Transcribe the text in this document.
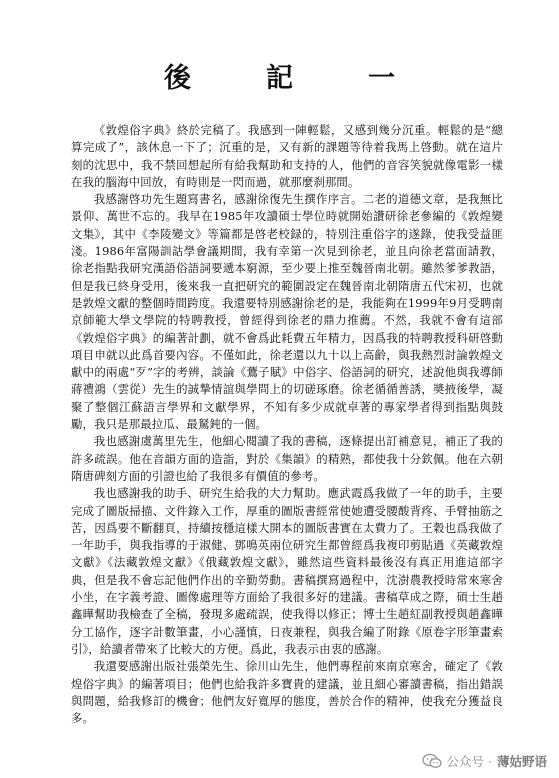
後　記　一

《敦煌俗字典》終於完稿了。我感到一陣輕鬆，又感到幾分沉重。輕鬆的是“總算完成了”，該休息一下了；沉重的是，又有新的課題等待着我馬上啓動。就在這片刻的沈思中，我不禁回想起所有給我幫助和支持的人，他們的音容笑貌就像電影一樣在我的腦海中回放，有時則是一閃而過，就那麼刹那間。

我感謝啓功先生題寫書名，感謝徐復先生撰作序言。二老的道德文章，是我無比景仰、萬世不忘的。我早在1985年攻讀碩士學位時就開始讚研徐老參編的《敦煌變文集》，其中《李陵變文》等篇都是啓老校録的，特別注重俗字的遂錄，使我受益匪淺。1986年富陽訓詁學會議期間，我有幸第一次見到徐老，並且向徐老當面請教，徐老指點我研究漢語俗語詞要遞本窮源，至少要上推至魏晉南北朝。雖然爹爹教語，但是我已終身受用，後來我一直把研究的範圍設定在魏晉南北朝隋唐五代宋初，也就是敦煌文獻的整個時間跨度。我還要特別感謝徐老的是，我能夠在1999年9月受聘南京師範大學文學院的特聘教授，曾經得到徐老的鼎力推薦。不然，我就不會有這部《敦煌俗字典》的編著計劃，就不會爲此耗費五年精力，因爲我的特聘教授科研啓動項目申就以此爲首要內容。不僅如此，徐老還以九十以上高齡，與我熱烈討論敦煌文獻中的兩處“歹”字的考辨，談論《鷰子賦》中俗字、俗語詞的研究，述說他與我導師蔣禮鴻（雲從）先生的誠摯情誼與學問上的切磋琢磨。徐老循循善誘，奬掖後學，凝聚了整個江蘇語言學界和文獻學界，不知有多少成就卓著的專家學者得到指點與鼓勵，我只是那最拉瓜、最駑鈍的一個。

我也感謝虞萬里先生，他細心閱讀了我的書稿，逐條提出訂補意見，補正了我的許多疏誤。他在音韻方面的造詣，對於《集韻》的精熟，都使我十分欽佩。他在六朝隋唐碑刻方面的引證也給了我很多有價值的參考。

我也感謝我的助手、研究生給我的大力幫助。應武霞爲我做了一年的助手，主要完成了圖版掃描、文件錄入工作，厚重的圖版書經常使她遭受腰酸背疼、手臂抽筋之苦，因爲要不斷翻頁，持續按穩這樣大開本的圖版書實在太費力了。王穀也爲我做了一年助手，與我指導的于淑健、鄧鳴英兩位研究生都曾經爲我複印剪貼過《英藏敦煌文獻》《法藏敦煌文獻》《俄藏敦煌文獻》，雖然這些資料最後沒有真正用進這部字典，但是我不會忘記他們作出的辛勤勞動。書稿撰寫過程中，沈澍農教授時常來寒舍小坐，在字義考證、圖像處理等方面給了我很多好的建議。書稿草成之際，碩士生趙鑫曄幫助我檢查了全稿，發現多處疏誤，使我得以修正；博士生趙紅副教授與趙鑫曄分工協作，逐字計數筆畫，小心謹慎，日夜兼程，與我合編了附錄《原卷字形筆畫索引》，給讀者帶來了比較大的方便。爲此，我表示由衷的感謝。

我還要感謝出版社張榮先生、徐川山先生，他們專程前來南京寒舍，確定了《敦煌俗字典》的編著項目；他們也給我許多寶貴的建議，並且細心審讀書稿，指出錯誤與問題，給我修訂的機會；他們友好寬厚的態度，善於合作的精神，使我充分獲益良多。

公众号 · 薄姑野语
